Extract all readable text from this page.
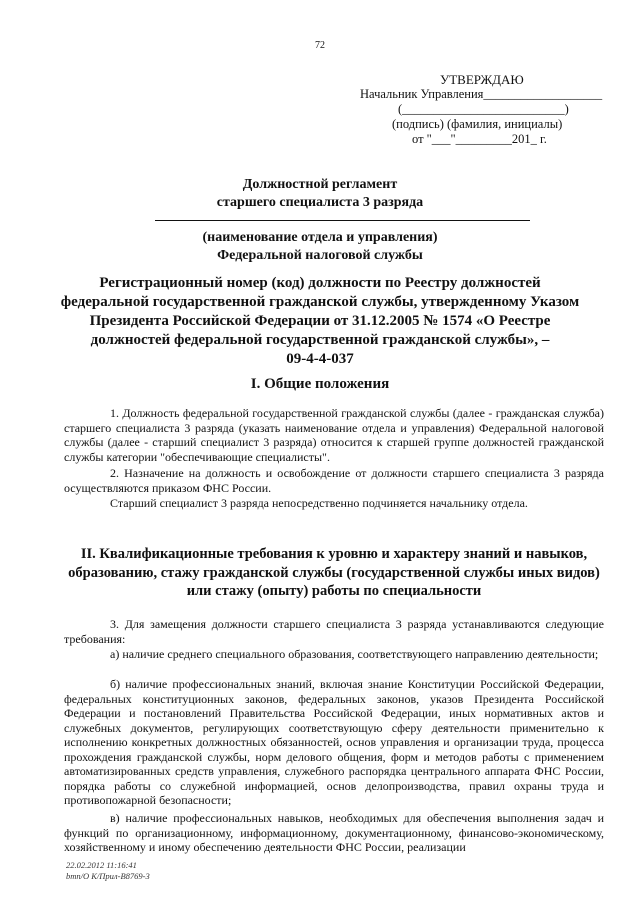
72
УТВЕРЖДАЮ
Начальник Управления___________________
(__________________________)
(подпись) (фамилия, инициалы)
от "___"_________201_ г.
Должностной регламент
старшего специалиста 3 разряда
(наименование отдела и управления)
Федеральной налоговой службы
Регистрационный номер (код) должности по Реестру должностей
федеральной государственной гражданской службы, утвержденному Указом
Президента Российской Федерации от 31.12.2005 № 1574 «О Реестре
должностей федеральной государственной гражданской службы», –
09-4-4-037
I. Общие положения
1. Должность федеральной государственной гражданской службы (далее - гражданская служба) старшего специалиста 3 разряда (указать наименование отдела и управления) Федеральной налоговой службы (далее - старший специалист 3 разряда) относится к старшей группе должностей гражданской службы категории "обеспечивающие специалисты".
2. Назначение на должность и освобождение от должности старшего специалиста 3 разряда осуществляются приказом ФНС России.
Старший специалист 3 разряда непосредственно подчиняется начальнику отдела.
II. Квалификационные требования к уровню и характеру знаний и навыков, образованию, стажу гражданской службы (государственной службы иных видов) или стажу (опыту) работы по специальности
3. Для замещения должности старшего специалиста 3 разряда устанавливаются следующие требования:
а) наличие среднего специального образования, соответствующего направлению деятельности;
б) наличие профессиональных знаний, включая знание Конституции Российской Федерации, федеральных конституционных законов, федеральных законов, указов Президента Российской Федерации и постановлений Правительства Российской Федерации, иных нормативных актов и служебных документов, регулирующих соответствующую сферу деятельности применительно к исполнению конкретных должностных обязанностей, основ управления и организации труда, процесса прохождения гражданской службы, норм делового общения, форм и методов работы с применением автоматизированных средств управления, служебного распорядка центрального аппарата ФНС России, порядка работы со служебной информацией, основ делопроизводства, правил охраны труда и противопожарной безопасности;
в) наличие профессиональных навыков, необходимых для обеспечения выполнения задач и функций по организационному, информационному, документационному, финансово-экономическому, хозяйственному и иному обеспечению деятельности ФНС России, реализации
22.02.2012 11:16:41
bmn/О К/Прил-В8769-3
